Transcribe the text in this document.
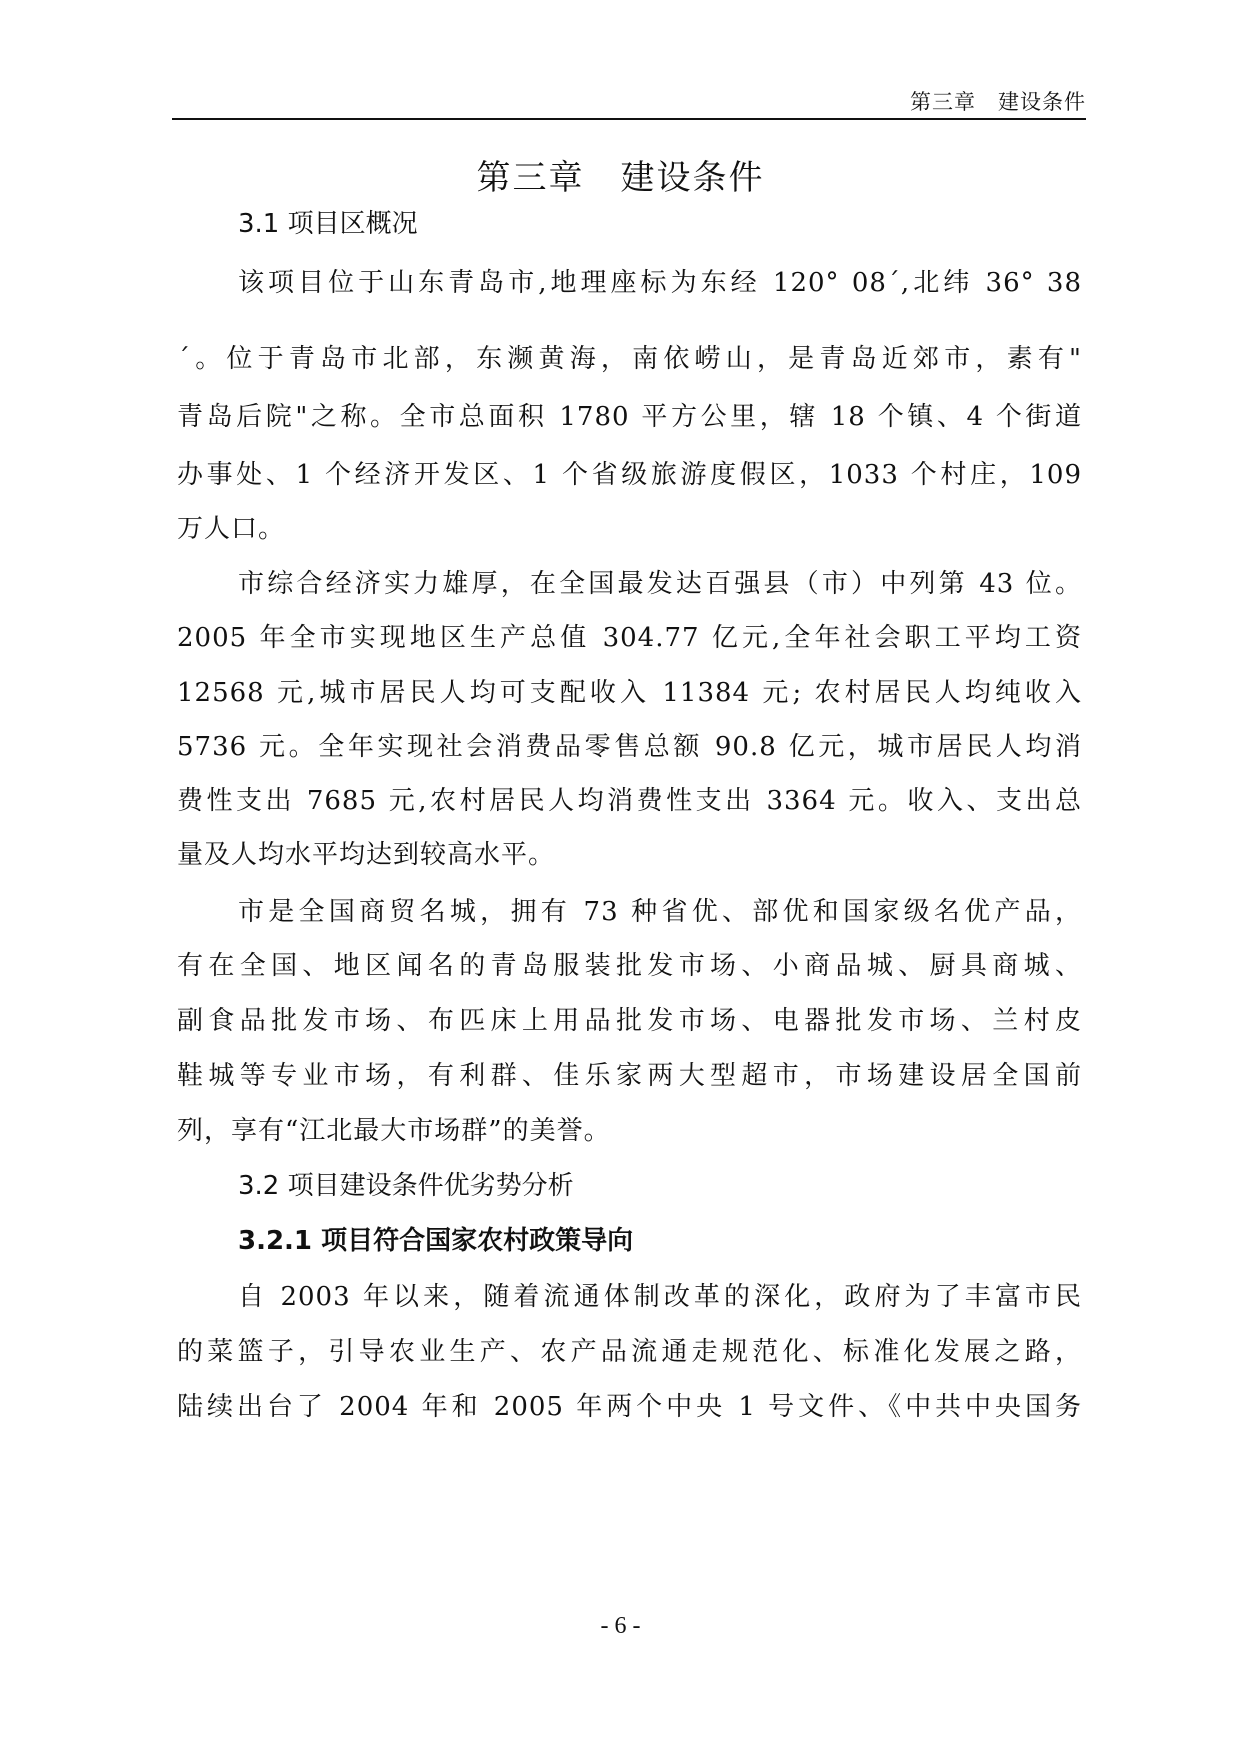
第三章　建设条件
第三章　建设条件
3.1 项目区概况
该项目位于山东青岛市,地理座标为东经 120° 08´,北纬 36° 38
´。位于青岛市北部，东濒黄海，南依崂山，是青岛近郊市，素有"
青岛后院"之称。全市总面积 1780 平方公里，辖 18 个镇、4 个街道
办事处、1 个经济开发区、1 个省级旅游度假区，1033 个村庄，109
万人口。
市综合经济实力雄厚，在全国最发达百强县（市）中列第 43 位。
2005 年全市实现地区生产总值 304.77 亿元,全年社会职工平均工资
12568 元,城市居民人均可支配收入 11384 元; 农村居民人均纯收入
5736 元。全年实现社会消费品零售总额 90.8 亿元，城市居民人均消
费性支出 7685 元,农村居民人均消费性支出 3364 元。收入、支出总
量及人均水平均达到较高水平。
市是全国商贸名城，拥有 73 种省优、部优和国家级名优产品，
有在全国、地区闻名的青岛服装批发市场、小商品城、厨具商城、
副食品批发市场、布匹床上用品批发市场、电器批发市场、兰村皮
鞋城等专业市场，有利群、佳乐家两大型超市，市场建设居全国前
列，享有“江北最大市场群”的美誉。
3.2 项目建设条件优劣势分析
3.2.1 项目符合国家农村政策导向
自 2003 年以来，随着流通体制改革的深化，政府为了丰富市民
的菜篮子，引导农业生产、农产品流通走规范化、标准化发展之路，
陆续出台了 2004 年和 2005 年两个中央 1 号文件、《中共中央国务
- 6 -
